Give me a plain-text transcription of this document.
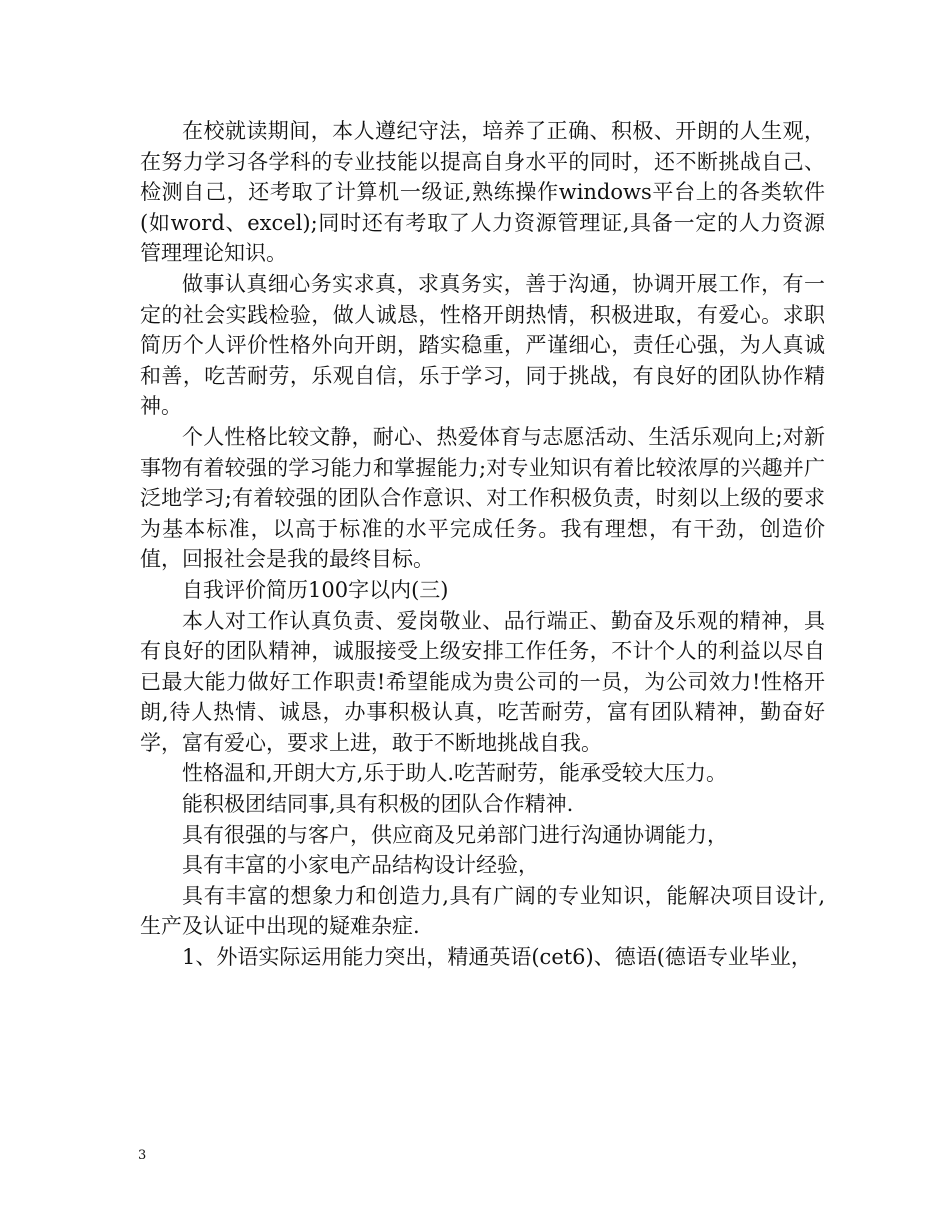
在校就读期间，本人遵纪守法，培养了正确、积极、开朗的人生观，在努力学习各学科的专业技能以提高自身水平的同时，还不断挑战自己、检测自己，还考取了计算机一级证,熟练操作windows平台上的各类软件(如word、excel);同时还有考取了人力资源管理证,具备一定的人力资源管理理论知识。

做事认真细心务实求真，求真务实，善于沟通，协调开展工作，有一定的社会实践检验，做人诚恳，性格开朗热情，积极进取，有爱心。求职简历个人评价性格外向开朗，踏实稳重，严谨细心，责任心强，为人真诚和善，吃苦耐劳，乐观自信，乐于学习，同于挑战，有良好的团队协作精神。

个人性格比较文静，耐心、热爱体育与志愿活动、生活乐观向上;对新事物有着较强的学习能力和掌握能力;对专业知识有着比较浓厚的兴趣并广泛地学习;有着较强的团队合作意识、对工作积极负责，时刻以上级的要求为基本标准，以高于标准的水平完成任务。我有理想，有干劲，创造价值，回报社会是我的最终目标。

自我评价简历100字以内(三)

本人对工作认真负责、爱岗敬业、品行端正、勤奋及乐观的精神，具有良好的团队精神，诚服接受上级安排工作任务，不计个人的利益以尽自已最大能力做好工作职责!希望能成为贵公司的一员，为公司效力!性格开朗,待人热情、诚恳，办事积极认真，吃苦耐劳，富有团队精神，勤奋好学，富有爱心，要求上进，敢于不断地挑战自我。

性格温和,开朗大方,乐于助人.吃苦耐劳，能承受较大压力。

能积极团结同事,具有积极的团队合作精神.

具有很强的与客户，供应商及兄弟部门进行沟通协调能力，

具有丰富的小家电产品结构设计经验，

具有丰富的想象力和创造力,具有广阔的专业知识，能解决项目设计,生产及认证中出现的疑难杂症.

1、外语实际运用能力突出，精通英语(cet6)、德语(德语专业毕业，

3
